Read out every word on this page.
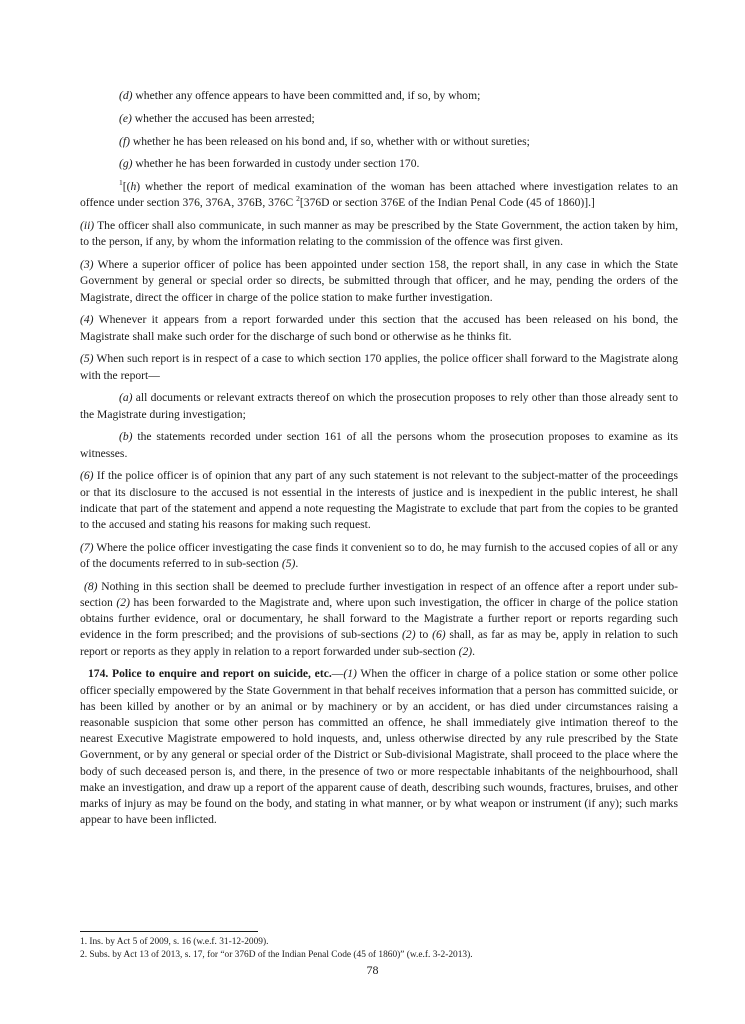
(d) whether any offence appears to have been committed and, if so, by whom;

(e) whether the accused has been arrested;

(f) whether he has been released on his bond and, if so, whether with or without sureties;

(g) whether he has been forwarded in custody under section 170.

$^1$[(h) whether the report of medical examination of the woman has been attached where investigation relates to an offence under section 376, 376A, 376B, 376C $^2$[376D or section 376E of the Indian Penal Code (45 of 1860)].]

(ii) The officer shall also communicate, in such manner as may be prescribed by the State Government, the action taken by him, to the person, if any, by whom the information relating to the commission of the offence was first given.

(3) Where a superior officer of police has been appointed under section 158, the report shall, in any case in which the State Government by general or special order so directs, be submitted through that officer, and he may, pending the orders of the Magistrate, direct the officer in charge of the police station to make further investigation.

(4) Whenever it appears from a report forwarded under this section that the accused has been released on his bond, the Magistrate shall make such order for the discharge of such bond or otherwise as he thinks fit.

(5) When such report is in respect of a case to which section 170 applies, the police officer shall forward to the Magistrate along with the report—

(a) all documents or relevant extracts thereof on which the prosecution proposes to rely other than those already sent to the Magistrate during investigation;

(b) the statements recorded under section 161 of all the persons whom the prosecution proposes to examine as its witnesses.

(6) If the police officer is of opinion that any part of any such statement is not relevant to the subject-matter of the proceedings or that its disclosure to the accused is not essential in the interests of justice and is inexpedient in the public interest, he shall indicate that part of the statement and append a note requesting the Magistrate to exclude that part from the copies to be granted to the accused and stating his reasons for making such request.

(7) Where the police officer investigating the case finds it convenient so to do, he may furnish to the accused copies of all or any of the documents referred to in sub-section (5).

(8) Nothing in this section shall be deemed to preclude further investigation in respect of an offence after a report under sub-section (2) has been forwarded to the Magistrate and, where upon such investigation, the officer in charge of the police station obtains further evidence, oral or documentary, he shall forward to the Magistrate a further report or reports regarding such evidence in the form prescribed; and the provisions of sub-sections (2) to (6) shall, as far as may be, apply in relation to such report or reports as they apply in relation to a report forwarded under sub-section (2).

174. Police to enquire and report on suicide, etc.—(1) When the officer in charge of a police station or some other police officer specially empowered by the State Government in that behalf receives information that a person has committed suicide, or has been killed by another or by an animal or by machinery or by an accident, or has died under circumstances raising a reasonable suspicion that some other person has committed an offence, he shall immediately give intimation thereof to the nearest Executive Magistrate empowered to hold inquests, and, unless otherwise directed by any rule prescribed by the State Government, or by any general or special order of the District or Sub-divisional Magistrate, shall proceed to the place where the body of such deceased person is, and there, in the presence of two or more respectable inhabitants of the neighbourhood, shall make an investigation, and draw up a report of the apparent cause of death, describing such wounds, fractures, bruises, and other marks of injury as may be found on the body, and stating in what manner, or by what weapon or instrument (if any); such marks appear to have been inflicted.

1. Ins. by Act 5 of 2009, s. 16 (w.e.f. 31-12-2009).
2. Subs. by Act 13 of 2013, s. 17, for “or 376D of the Indian Penal Code (45 of 1860)” (w.e.f. 3-2-2013).
78
